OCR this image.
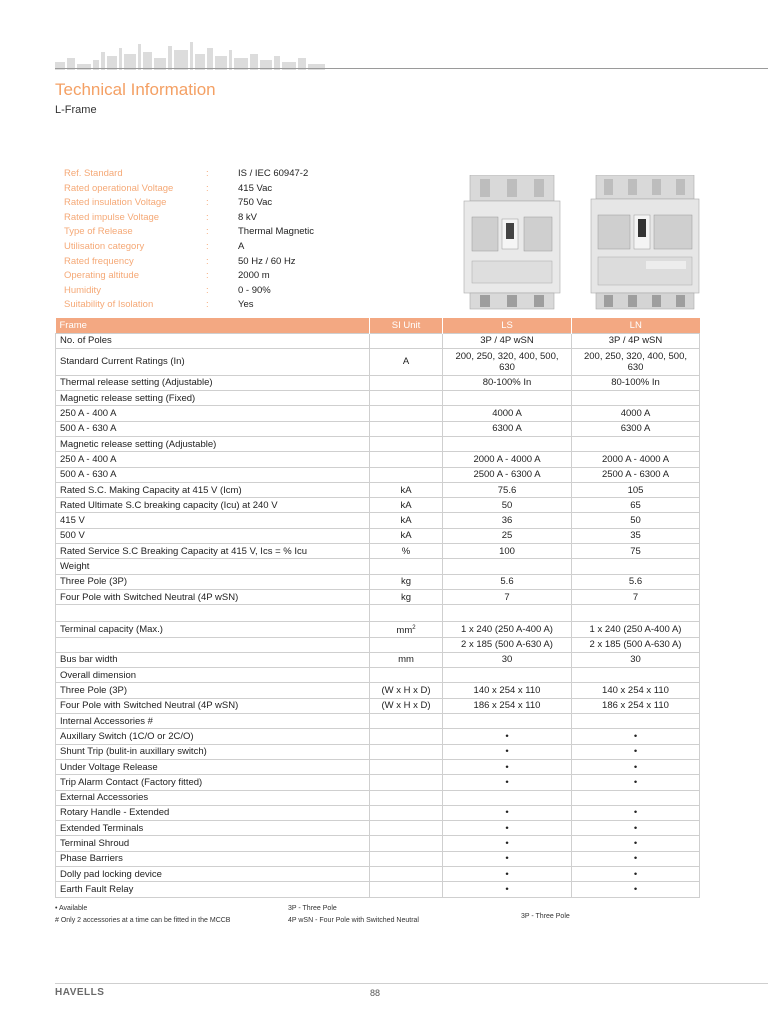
Technical Information
L-Frame
Ref. Standard	:	IS / IEC 60947-2
Rated operational Voltage	:	415 Vac
Rated insulation Voltage	:	750 Vac
Rated impulse Voltage	:	8 kV
Type of Release	:	Thermal Magnetic
Utilisation category	:	A
Rated frequency	:	50 Hz / 60 Hz
Operating altitude	:	2000 m
Humidity	:	0 - 90%
Suitability of Isolation	:	Yes
Frame	SI Unit	LS	LN
No. of Poles		3P / 4P wSN	3P / 4P wSN
Standard Current Ratings (In)	A	200, 250, 320, 400, 500, 630	200, 250, 320, 400, 500, 630
Thermal release setting (Adjustable)		80-100% In	80-100% In
Magnetic release setting (Fixed)			
250 A - 400 A		4000 A	4000 A
500 A - 630 A		6300 A	6300 A
Magnetic release setting (Adjustable)			
250 A - 400 A		2000 A - 4000 A	2000 A - 4000 A
500 A - 630 A		2500 A - 6300 A	2500 A - 6300 A
Rated S.C. Making Capacity at 415 V (Icm)	kA	75.6	105
Rated Ultimate S.C breaking capacity (Icu) at 240 V	kA	50	65
415 V	kA	36	50
500 V	kA	25	35
Rated Service S.C Breaking Capacity at 415 V, Ics = % Icu	%	100	75
Weight			
Three Pole (3P)	kg	5.6	5.6
Four Pole with Switched Neutral (4P wSN)	kg	7	7

Terminal capacity (Max.)	$mm^2$	1 x 240 (250 A-400 A)	1 x 240 (250 A-400 A)
		2 x 185 (500 A-630 A)	2 x 185 (500 A-630 A)
Bus bar width	mm	30	30
Overall dimension			
Three Pole (3P)	(W x H x D)	140 x 254 x 110	140 x 254 x 110
Four Pole with Switched Neutral (4P wSN)	(W x H x D)	186 x 254 x 110	186 x 254 x 110
Internal Accessories #			
Auxillary Switch (1C/O or 2C/O)		•	•
Shunt Trip (bulit-in auxillary switch)		•	•
Under Voltage Release		•	•
Trip Alarm Contact (Factory fitted)		•	•
External Accessories			
Rotary Handle - Extended		•	•
Extended Terminals		•	•
Terminal Shroud		•	•
Phase Barriers		•	•
Dolly pad locking device		•	•
Earth Fault Relay		•	•
• Available
# Only 2 accessories at a time can be fitted in the MCCB
3P - Three Pole
4P wSN - Four Pole with Switched Neutral
3P - Three Pole
HAVELLS	88
